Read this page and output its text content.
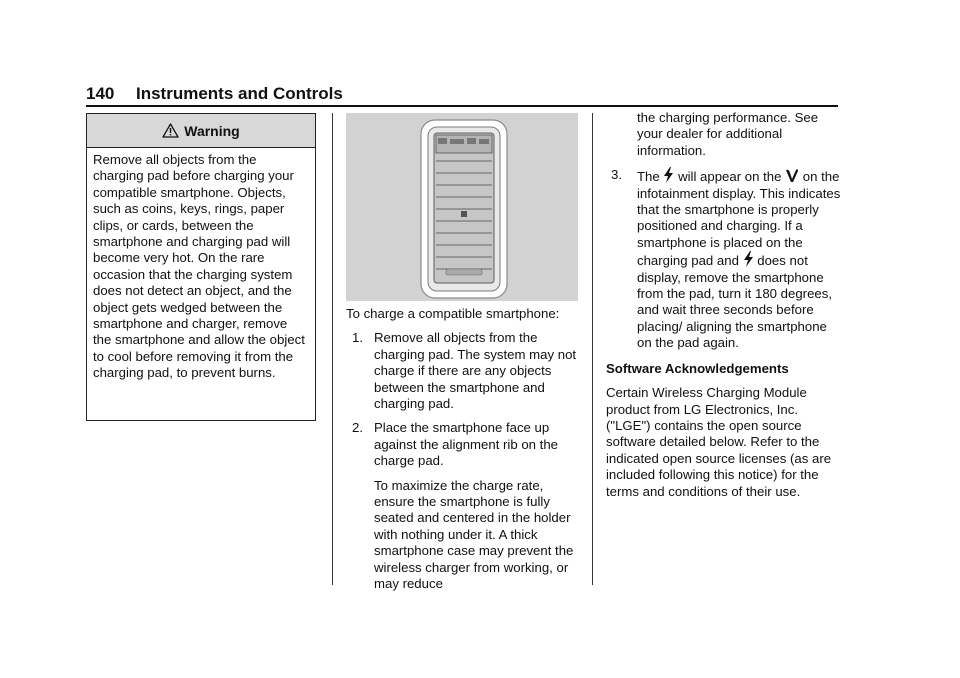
140 Instruments and Controls
Warning
Remove all objects from the charging pad before charging your compatible smartphone. Objects, such as coins, keys, rings, paper clips, or cards, between the smartphone and charging pad will become very hot. On the rare occasion that the charging system does not detect an object, and the object gets wedged between the smartphone and charger, remove the smartphone and allow the object to cool before removing it from the charging pad, to prevent burns.

To charge a compatible smartphone:

1. Remove all objects from the charging pad. The system may not charge if there are any objects between the smartphone and charging pad.
2. Place the smartphone face up against the alignment rib on the charge pad.

To maximize the charge rate, ensure the smartphone is fully seated and centered in the holder with nothing under it. A thick smartphone case may prevent the wireless charger from working, or may reduce

the charging performance. See your dealer for additional information.

3. The will appear on the on the infotainment display. This indicates that the smartphone is properly positioned and charging. If a smartphone is placed on the charging pad and does not display, remove the smartphone from the pad, turn it 180 degrees, and wait three seconds before placing/ aligning the smartphone on the pad again.

Software Acknowledgements

Certain Wireless Charging Module product from LG Electronics, Inc. ("LGE") contains the open source software detailed below. Refer to the indicated open source licenses (as are included following this notice) for the terms and conditions of their use.
